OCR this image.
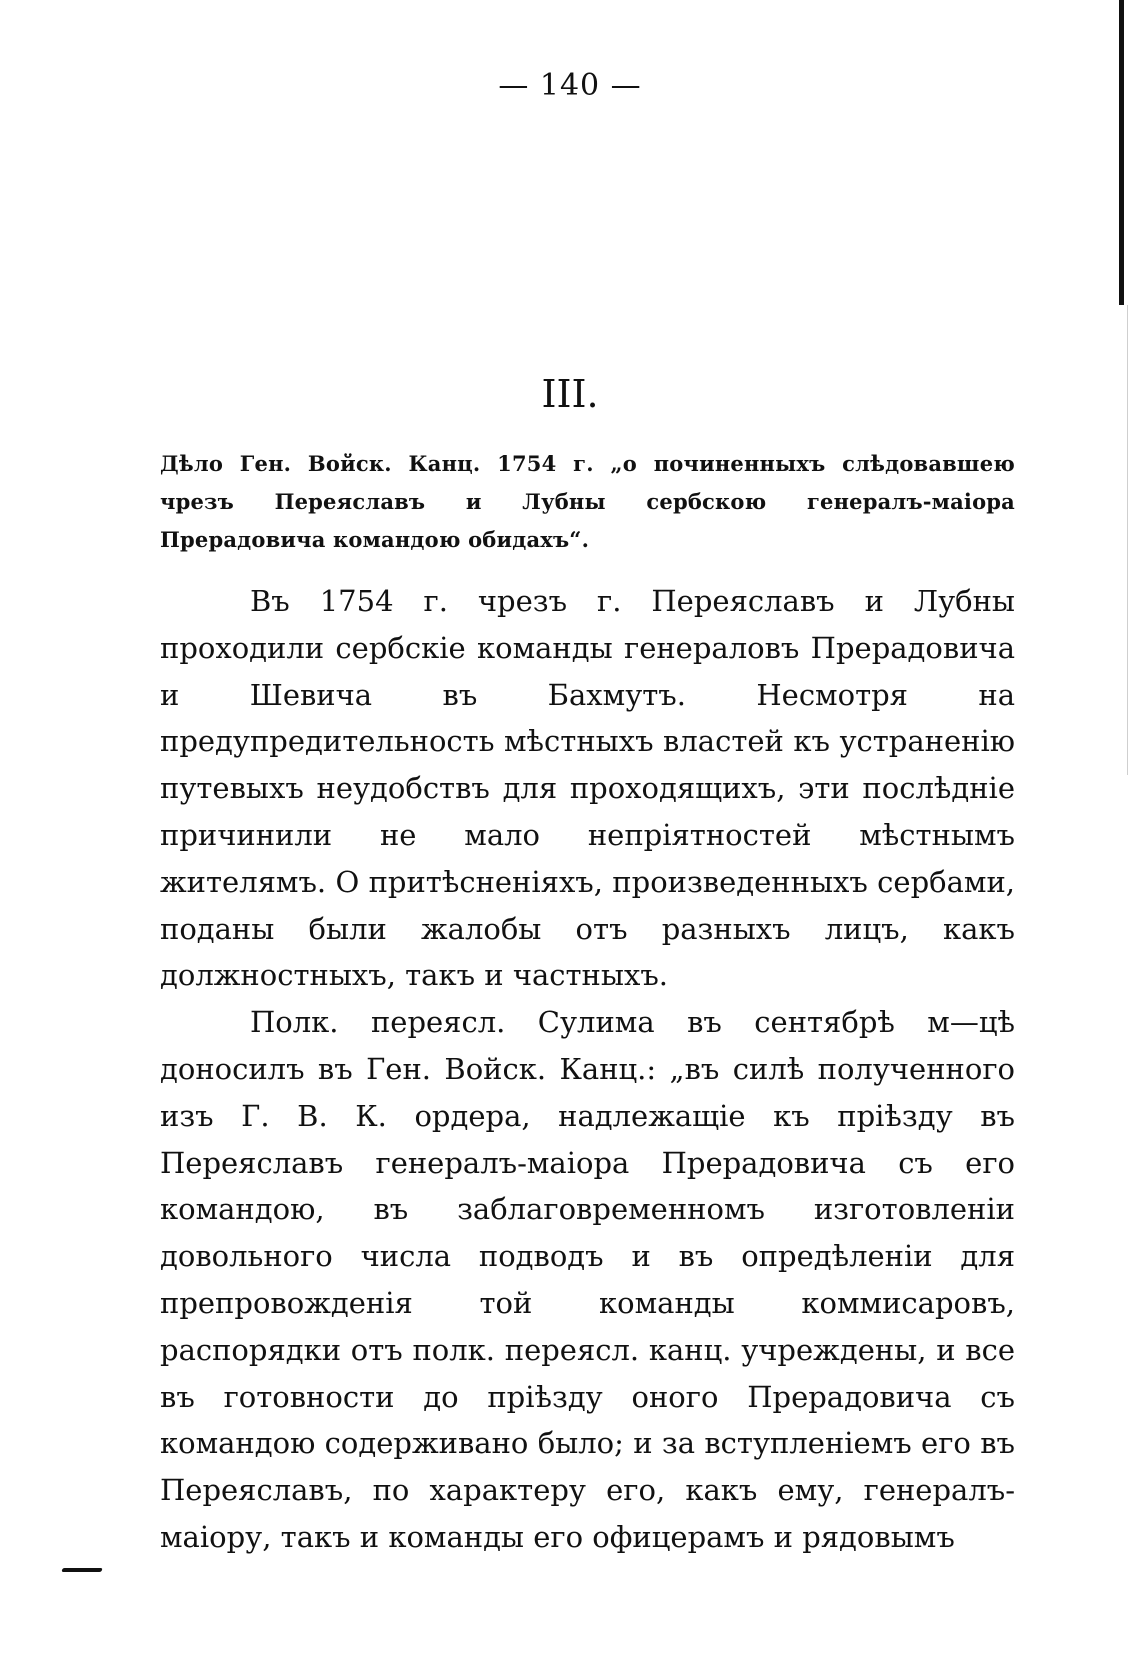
— 140 —
III.
Дѣло Ген. Войск. Канц. 1754 г. „о починенныхъ слѣдовавшею чрезъ Переяславъ и Лубны сербскою генералъ-маіора Прерадовича командою обидахъ“.

Въ 1754 г. чрезъ г. Переяславъ и Лубны проходили сербскіе команды генераловъ Прерадовича и Шевича въ Бахмутъ. Несмотря на предупредительность мѣстныхъ властей къ устраненію путевыхъ неудобствъ для проходящихъ, эти послѣдніе причинили не мало непріятностей мѣстнымъ жителямъ. О притѣсненіяхъ, произведенныхъ сербами, поданы были жалобы отъ разныхъ лицъ, какъ должностныхъ, такъ и частныхъ.

Полк. переясл. Сулима въ сентябрѣ м—цѣ доносилъ въ Ген. Войск. Канц.: „въ силѣ полученного изъ Г. В. К. ордера, надлежащіе къ пріѣзду въ Переяславъ генералъ-маіора Прерадовича съ его командою, въ заблаговременномъ изготовленіи довольного числа подводъ и въ опредѣленіи для препровожденія той команды коммисаровъ, распорядки отъ полк. переясл. канц. учреждены, и все въ готовности до пріѣзду оного Прерадовича съ командою содерживано было; и за вступленіемъ его въ Переяславъ, по характеру его, какъ ему, генералъ-маіору, такъ и команды его офицерамъ и рядовымъ
